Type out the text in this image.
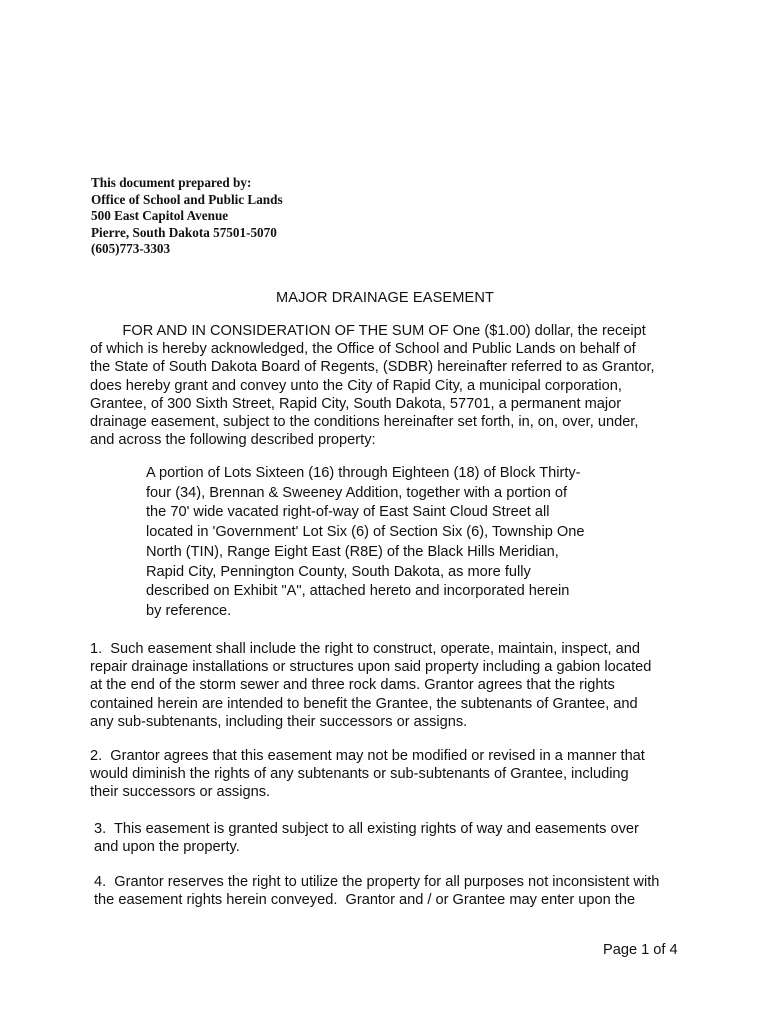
This document prepared by:
Office of School and Public Lands
500 East Capitol Avenue
Pierre, South Dakota 57501-5070
(605)773-3303
MAJOR DRAINAGE EASEMENT
FOR AND IN CONSIDERATION OF THE SUM OF One ($1.00) dollar, the receipt
of which is hereby acknowledged, the Office of School and Public Lands on behalf of
the State of South Dakota Board of Regents, (SDBR) hereinafter referred to as Grantor,
does hereby grant and convey unto the City of Rapid City, a municipal corporation,
Grantee, of 300 Sixth Street, Rapid City, South Dakota, 57701, a permanent major
drainage easement, subject to the conditions hereinafter set forth, in, on, over, under,
and across the following described property:
A portion of Lots Sixteen (16) through Eighteen (18) of Block Thirty-
four (34), Brennan & Sweeney Addition, together with a portion of
the 70' wide vacated right-of-way of East Saint Cloud Street all
located in 'Government' Lot Six (6) of Section Six (6), Township One
North (TIN), Range Eight East (R8E) of the Black Hills Meridian,
Rapid City, Pennington County, South Dakota, as more fully
described on Exhibit "A", attached hereto and incorporated herein
by reference.
1.  Such easement shall include the right to construct, operate, maintain, inspect, and
repair drainage installations or structures upon said property including a gabion located
at the end of the storm sewer and three rock dams. Grantor agrees that the rights
contained herein are intended to benefit the Grantee, the subtenants of Grantee, and
any sub-subtenants, including their successors or assigns.
2.  Grantor agrees that this easement may not be modified or revised in a manner that
would diminish the rights of any subtenants or sub-subtenants of Grantee, including
their successors or assigns.
3.  This easement is granted subject to all existing rights of way and easements over
and upon the property.
4.  Grantor reserves the right to utilize the property for all purposes not inconsistent with
the easement rights herein conveyed.  Grantor and / or Grantee may enter upon the
Page 1 of 4
